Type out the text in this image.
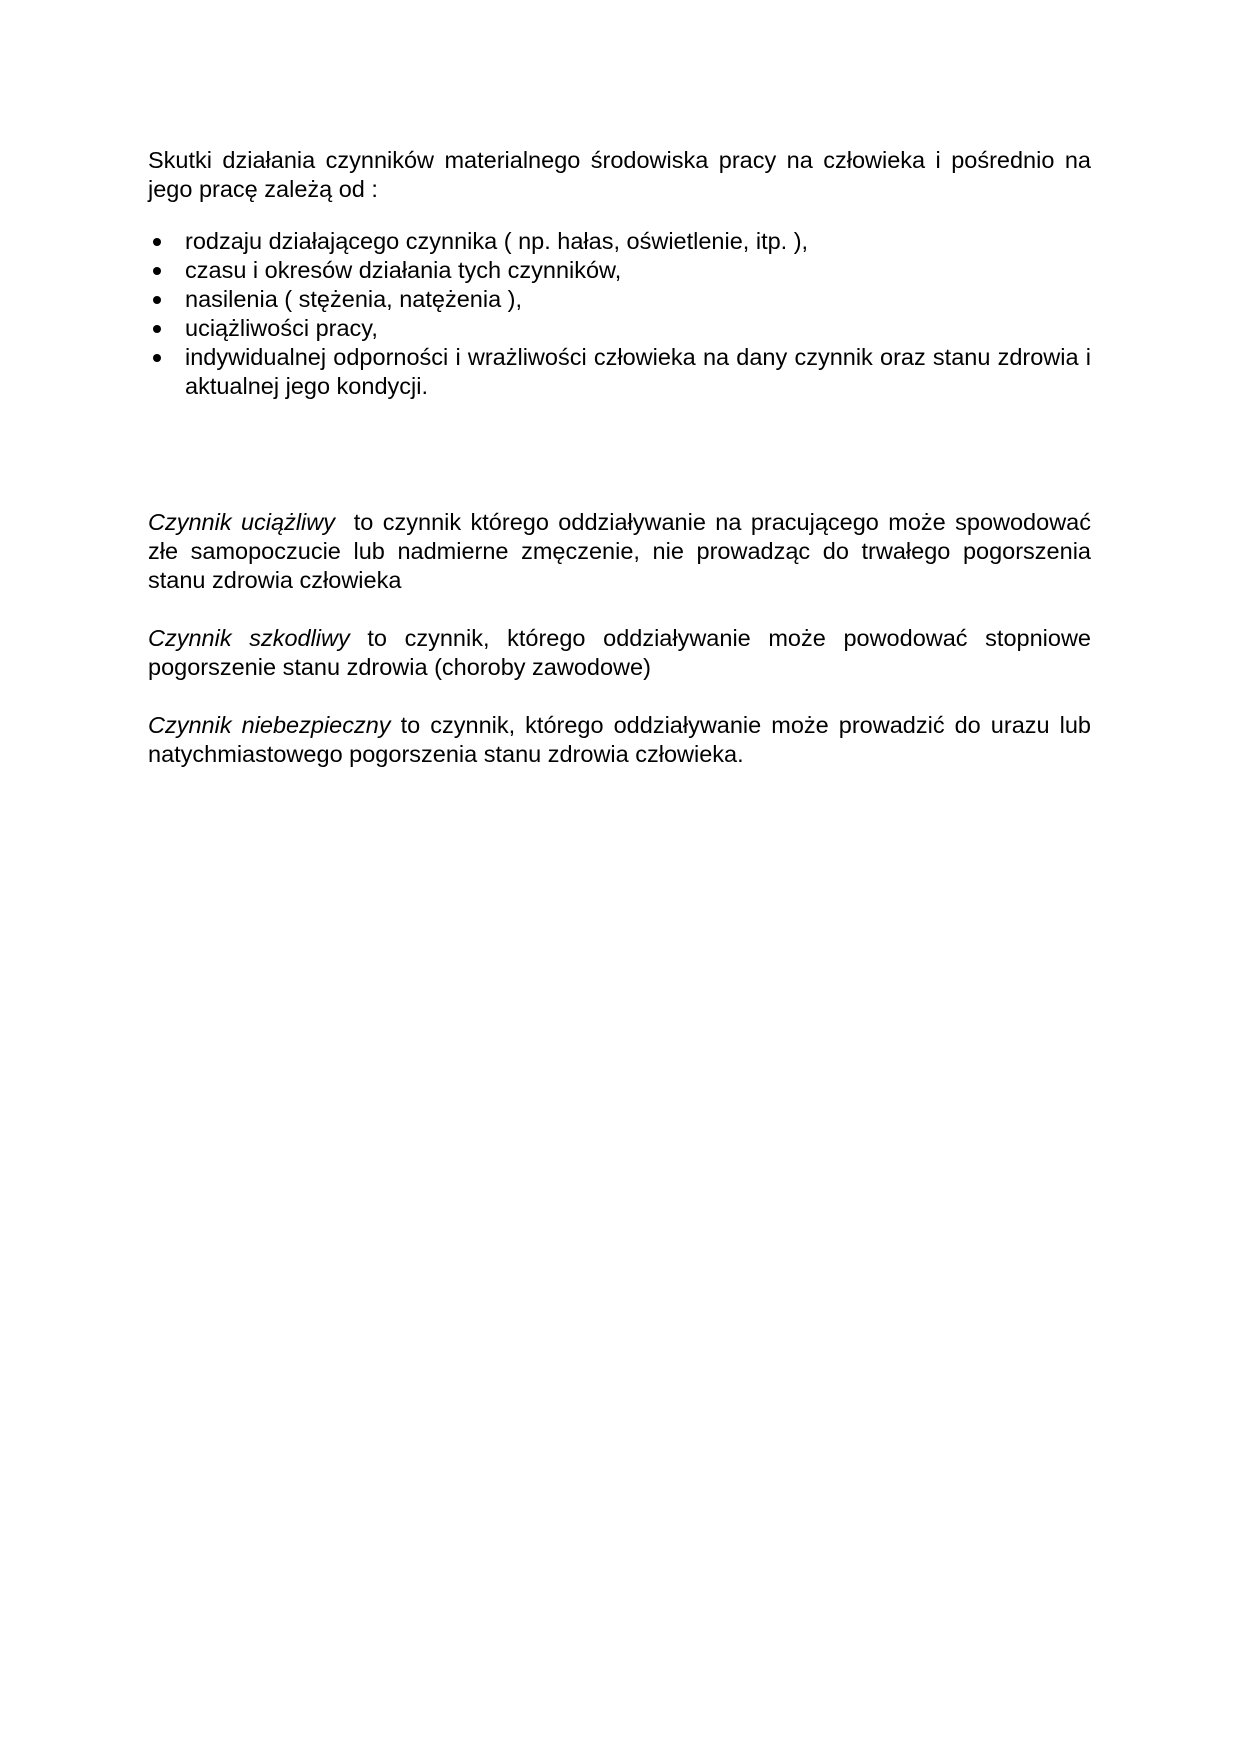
Skutki działania czynników materialnego środowiska pracy na człowieka i pośrednio na jego pracę zależą od :

rodzaju działającego czynnika ( np. hałas, oświetlenie, itp. ),
czasu i okresów działania tych czynników,
nasilenia ( stężenia, natężenia ),
uciążliwości pracy,
indywidualnej odporności i wrażliwości człowieka na dany czynnik oraz stanu zdrowia i aktualnej jego kondycji.

Czynnik uciążliwy  to czynnik którego oddziaływanie na pracującego może spowodować złe samopoczucie lub nadmierne zmęczenie, nie prowadząc do trwałego pogorszenia stanu zdrowia człowieka

Czynnik szkodliwy to czynnik, którego oddziaływanie może powodować stopniowe pogorszenie stanu zdrowia (choroby zawodowe)

Czynnik niebezpieczny to czynnik, którego oddziaływanie może prowadzić do urazu lub natychmiastowego pogorszenia stanu zdrowia człowieka.
